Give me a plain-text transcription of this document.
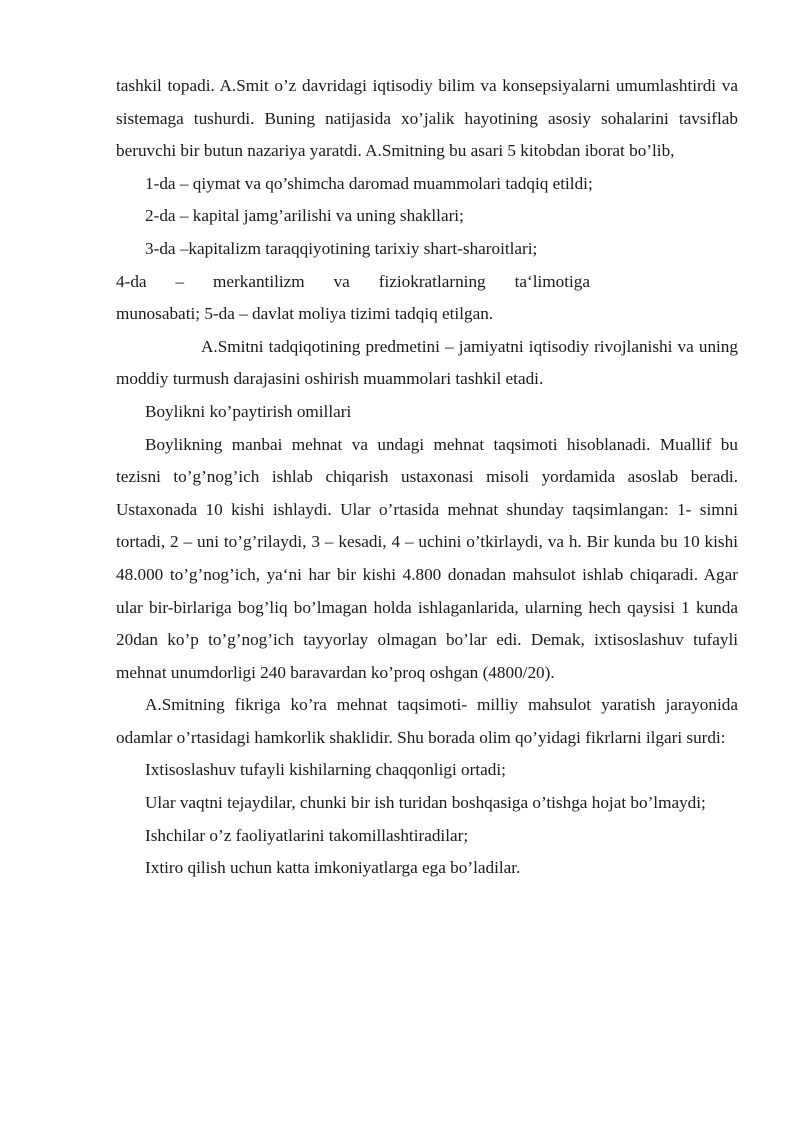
tashkil topadi. A.Smit o’z davridagi iqtisodiy bilim va konsepsiyalarni umumlashtirdi va sistemaga tushurdi. Buning natijasida xo’jalik hayotining asosiy sohalarini tavsiflab beruvchi bir butun nazariya yaratdi. A.Smitning bu asari 5 kitobdan iborat bo’lib,

1-da – qiymat va qo’shimcha daromad muammolari tadqiq etildi;

2-da – kapital jamg’arilishi va uning shakllari;

3-da –kapitalizm taraqqiyotining tarixiy shart-sharoitlari;

4-da – merkantilizm va fiziokratlarning ta‘limotiga

munosabati; 5-da – davlat moliya tizimi tadqiq etilgan.

A.Smitni tadqiqotining predmetini – jamiyatni iqtisodiy rivojlanishi va uning moddiy turmush darajasini oshirish muammolari tashkil etadi.

Boylikni ko’paytirish omillari

Boylikning manbai mehnat va undagi mehnat taqsimoti hisoblanadi. Muallif bu tezisni to’g’nog’ich ishlab chiqarish ustaxonasi misoli yordamida asoslab beradi. Ustaxonada 10 kishi ishlaydi. Ular o’rtasida mehnat shunday taqsimlangan: 1- simni tortadi, 2 – uni to’g’rilaydi, 3 – kesadi, 4 – uchini o’tkirlaydi, va h. Bir kunda bu 10 kishi 48.000 to’g’nog’ich, ya‘ni har bir kishi 4.800 donadan mahsulot ishlab chiqaradi. Agar ular bir-birlariga bog’liq bo’lmagan holda ishlaganlarida, ularning hech qaysisi 1 kunda 20dan ko’p to’g’nog’ich tayyorlay olmagan bo’lar edi. Demak, ixtisoslashuv tufayli mehnat unumdorligi 240 baravardan ko’proq oshgan (4800/20).

A.Smitning fikriga ko’ra mehnat taqsimoti- milliy mahsulot yaratish jarayonida odamlar o’rtasidagi hamkorlik shaklidir. Shu borada olim qo’yidagi fikrlarni ilgari surdi:

Ixtisoslashuv tufayli kishilarning chaqqonligi ortadi;

Ular vaqtni tejaydilar, chunki bir ish turidan boshqasiga o’tishga hojat bo’lmaydi;

Ishchilar o’z faoliyatlarini takomillashtiradilar;

Ixtiro qilish uchun katta imkoniyatlarga ega bo’ladilar.
